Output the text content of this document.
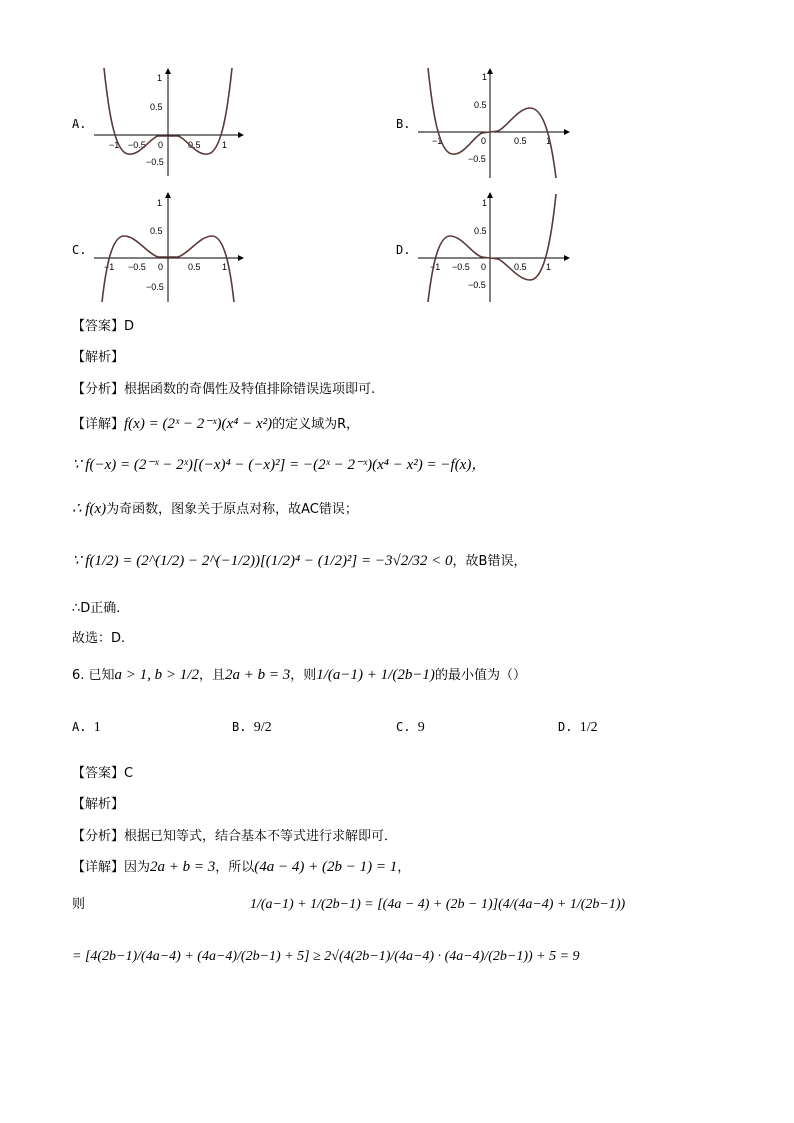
A.
1
0.5
−0.5
−1 −0.5 0	0.5 1
B.
1
0.5
−0.5
−1	0	0.5 1
C.
1
0.5
−0.5
−1 −0.5 0	0.5 1
D.
1
0.5
−0.5
−1 −0.5 0	0.5 1
【答案】D
【解析】
【分析】根据函数的奇偶性及特值排除错误选项即可.
【详解】f(x) = (2ˣ − 2⁻ˣ)(x⁴ − x²)的定义域为R，
∵ f(−x) = (2⁻ˣ − 2ˣ)[(−x)⁴ − (−x)²] = −(2ˣ − 2⁻ˣ)(x⁴ − x²) = −f(x)，
∴ f(x)为奇函数，图象关于原点对称，故AC错误；
∵ f(1/2) = (2^(1/2) − 2^(−1/2))[(1/2)⁴ − (1/2)²] = −3√2/32 < 0，故B错误，
∴D正确.
故选：D.
6. 已知a > 1, b > 1/2，且2a + b = 3，则1/(a−1) + 1/(2b−1)的最小值为（）
A. 1	B. 9/2	C. 9	D. 1/2
【答案】C
【解析】
【分析】根据已知等式，结合基本不等式进行求解即可．
【详解】因为2a + b = 3，所以(4a − 4) + (2b − 1) = 1，
则	1/(a−1) + 1/(2b−1) = [(4a − 4) + (2b − 1)](4/(4a−4) + 1/(2b−1))
= [4(2b−1)/(4a−4) + (4a−4)/(2b−1) + 5] ≥ 2√(4(2b−1)/(4a−4) · (4a−4)/(2b−1)) + 5 = 9
